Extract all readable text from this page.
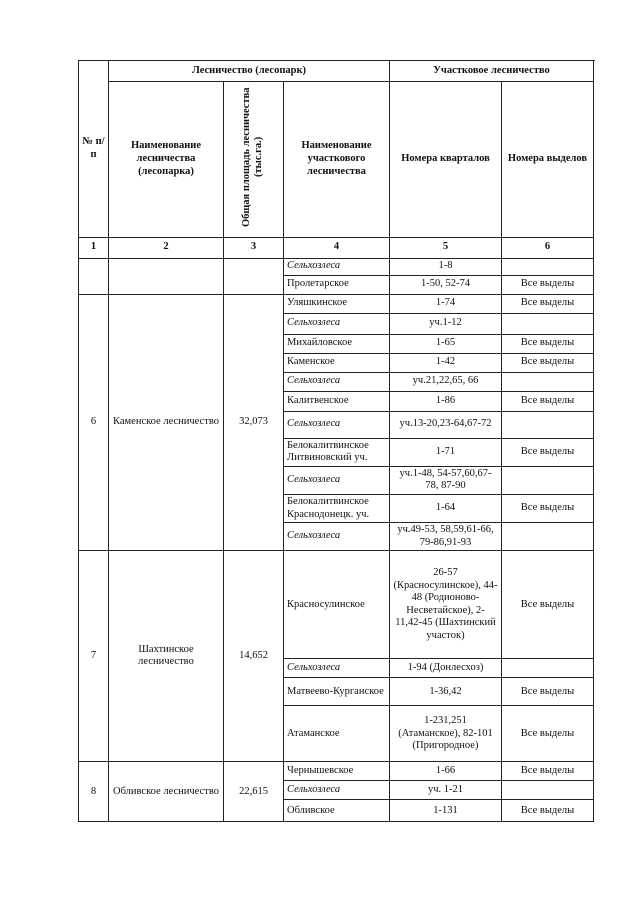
№ п/п	Лесничество (лесопарк)			Участковое лесничество	
	Наименование лесничества (лесопарка)	Общая площадь лесничества (тыс.га.)	Наименование участкового лесничества	Номера кварталов	Номера выделов
1	2	3	4	5	6
			Сельхозлеса	1-8	
			Пролетарское	1-50, 52-74	Все выделы
6	Каменское лесничество	32,073	Уляшкинское	1-74	Все выделы
			Сельхозлеса	уч.1-12	
			Михайловское	1-65	Все выделы
			Каменское	1-42	Все выделы
			Сельхозлеса	уч.21,22,65, 66	
			Калитвенское	1-86	Все выделы
			Сельхозлеса	уч.13-20,23-64,67-72	
			Белокалитвинское Литвиновский уч.	1-71	Все выделы
			Сельхозлеса	уч.1-48, 54-57,60,67-78, 87-90	
			Белокалитвинское Краснодонецк. уч.	1-64	Все выделы
			Сельхозлеса	уч.49-53, 58,59,61-66, 79-86,91-93	
7	Шахтинское лесничество	14,652	Красносулинское	26-57 (Красносулинское), 44-48 (Родионово-Несветайское), 2-11,42-45 (Шахтинский участок)	Все выделы
			Сельхозлеса	1-94 (Донлесхоз)	
			Матвеево-Курганское	1-36,42	Все выделы
			Атаманское	1-231,251 (Атаманское), 82-101 (Пригородное)	Все выделы
8	Обливское лесничество	22,615	Чернышевское	1-66	Все выделы
			Сельхозлеса	уч. 1-21	
			Обливское	1-131	Все выделы
